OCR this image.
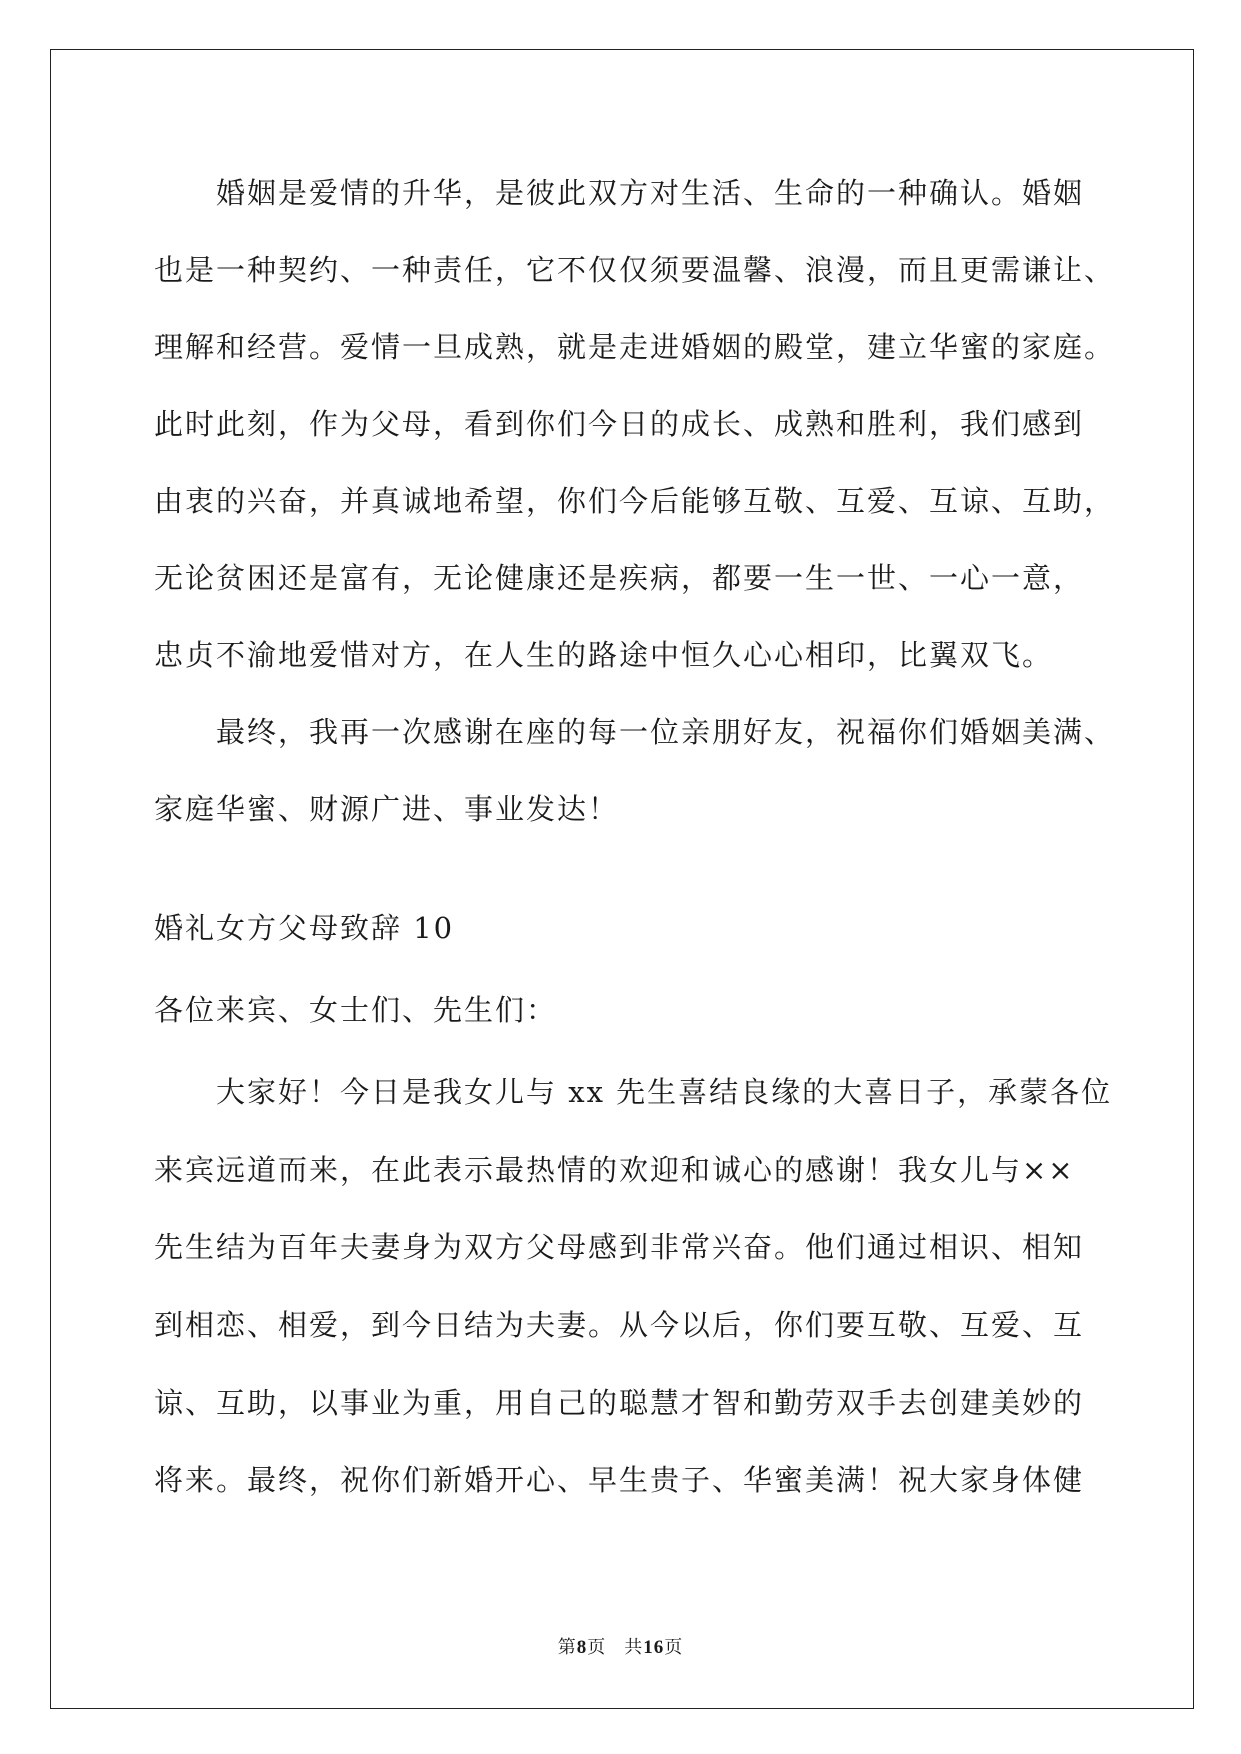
婚姻是爱情的升华，是彼此双方对生活、生命的一种确认。婚姻
也是一种契约、一种责任，它不仅仅须要温馨、浪漫，而且更需谦让、
理解和经营。爱情一旦成熟，就是走进婚姻的殿堂，建立华蜜的家庭。
此时此刻，作为父母，看到你们今日的成长、成熟和胜利，我们感到
由衷的兴奋，并真诚地希望，你们今后能够互敬、互爱、互谅、互助，
无论贫困还是富有，无论健康还是疾病，都要一生一世、一心一意，
忠贞不渝地爱惜对方，在人生的路途中恒久心心相印，比翼双飞。
最终，我再一次感谢在座的每一位亲朋好友，祝福你们婚姻美满、
家庭华蜜、财源广进、事业发达！
婚礼女方父母致辞 10
各位来宾、女士们、先生们：
大家好！今日是我女儿与 xx 先生喜结良缘的大喜日子，承蒙各位
来宾远道而来，在此表示最热情的欢迎和诚心的感谢！我女儿与××
先生结为百年夫妻身为双方父母感到非常兴奋。他们通过相识、相知
到相恋、相爱，到今日结为夫妻。从今以后，你们要互敬、互爱、互
谅、互助，以事业为重，用自己的聪慧才智和勤劳双手去创建美妙的
将来。最终，祝你们新婚开心、早生贵子、华蜜美满！祝大家身体健
第8页 共16页
